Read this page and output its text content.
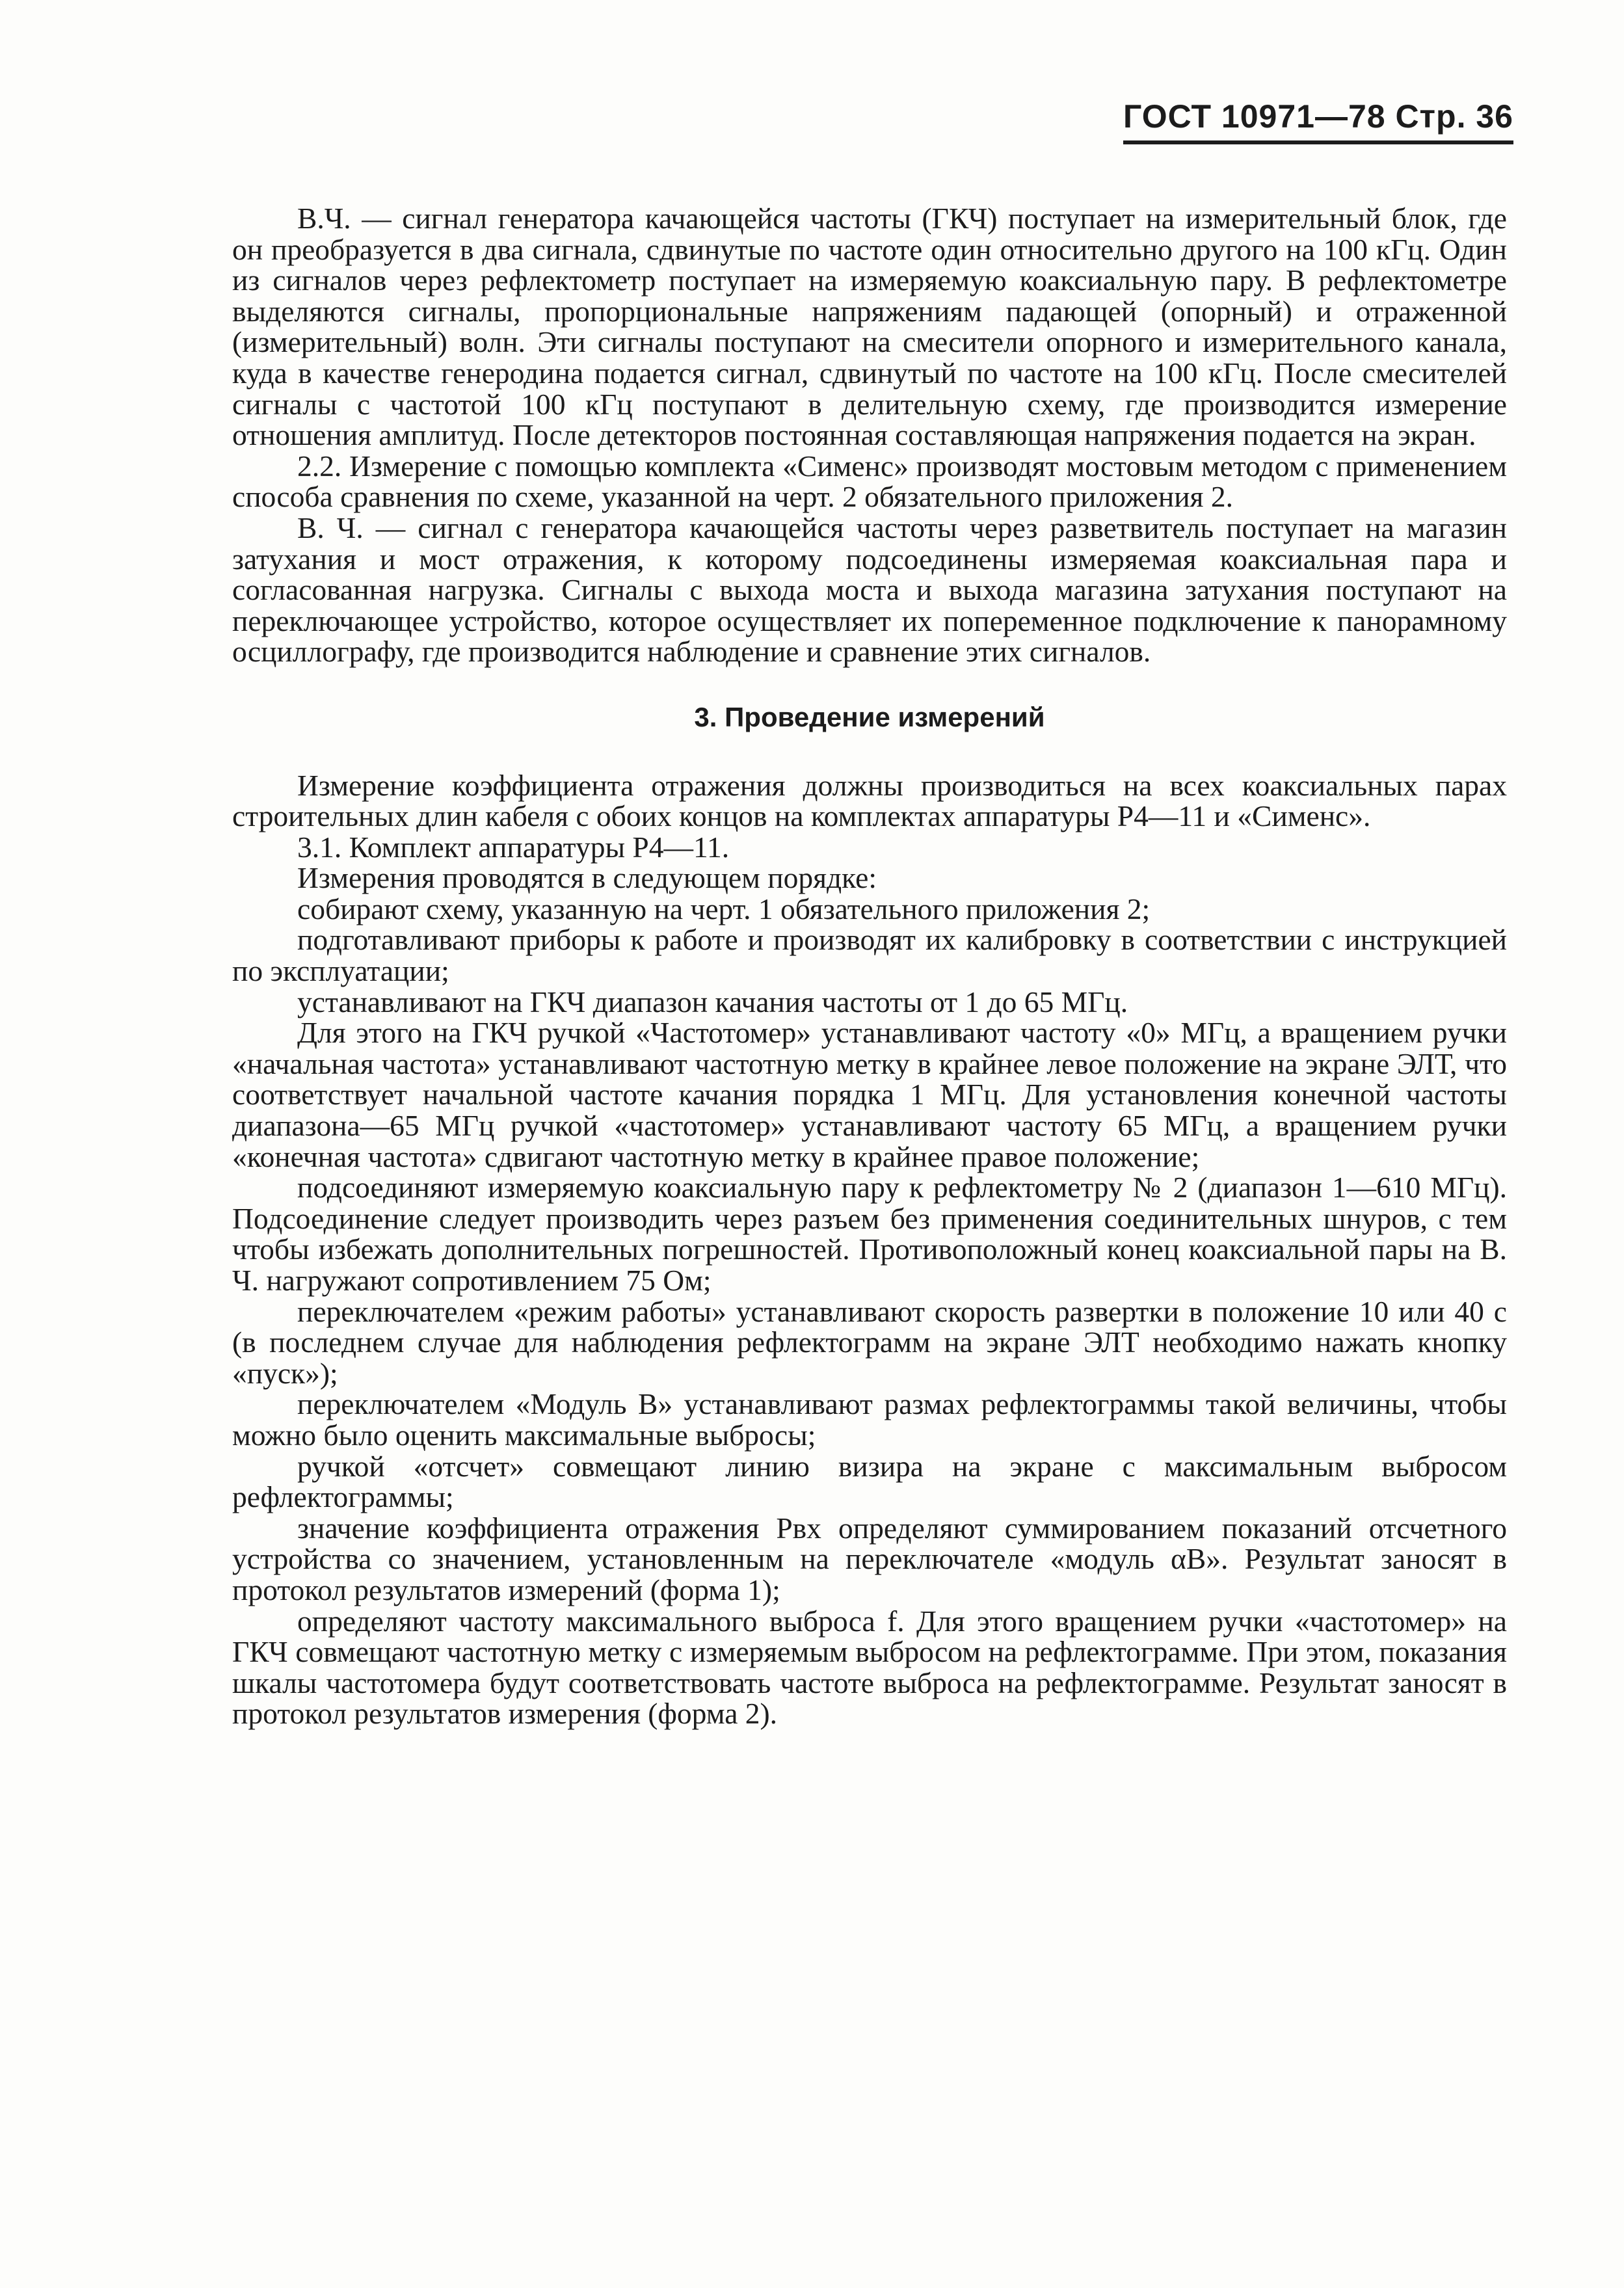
ГОСТ 10971—78 Стр. 36

В.Ч. — сигнал генератора качающейся частоты (ГКЧ) поступает на измерительный блок, где он преобразуется в два сигнала, сдвинутые по частоте один относительно другого на 100 кГц. Один из сигналов через рефлектометр поступает на измеряемую коаксиальную пару. В рефлектометре выделяются сигналы, пропорциональные напряжениям падающей (опорный) и отраженной (измерительный) волн. Эти сигналы поступают на смесители опорного и измерительного канала, куда в качестве генеродина подается сигнал, сдвинутый по частоте на 100 кГц. После смесителей сигналы с частотой 100 кГц поступают в делительную схему, где производится измерение отношения амплитуд. После детекторов постоянная составляющая напряжения подается на экран.

2.2. Измерение с помощью комплекта «Сименс» производят мостовым методом с применением способа сравнения по схеме, указанной на черт. 2 обязательного приложения 2.

В. Ч. — сигнал с генератора качающейся частоты через разветвитель поступает на магазин затухания и мост отражения, к которому подсоединены измеряемая коаксиальная пара и согласованная нагрузка. Сигналы с выхода моста и выхода магазина затухания поступают на переключающее устройство, которое осуществляет их попеременное подключение к панорамному осциллографу, где производится наблюдение и сравнение этих сигналов.

3. Проведение измерений

Измерение коэффициента отражения должны производиться на всех коаксиальных парах строительных длин кабеля с обоих концов на комплектах аппаратуры Р4—11 и «Сименс».

3.1. Комплект аппаратуры Р4—11.

Измерения проводятся в следующем порядке:

собирают схему, указанную на черт. 1 обязательного приложения 2;

подготавливают приборы к работе и производят их калибровку в соответствии с инструкцией по эксплуатации;

устанавливают на ГКЧ диапазон качания частоты от 1 до 65 МГц.

Для этого на ГКЧ ручкой «Частотомер» устанавливают частоту «0» МГц, а вращением ручки «начальная частота» устанавливают частотную метку в крайнее левое положение на экране ЭЛТ, что соответствует начальной частоте качания порядка 1 МГц. Для установления конечной частоты диапазона—65 МГц ручкой «частотомер» устанавливают частоту 65 МГц, а вращением ручки «конечная частота» сдвигают частотную метку в крайнее правое положение;

подсоединяют измеряемую коаксиальную пару к рефлектометру № 2 (диапазон 1—610 МГц). Подсоединение следует производить через разъем без применения соединительных шнуров, с тем чтобы избежать дополнительных погрешностей. Противоположный конец коаксиальной пары на В. Ч. нагружают сопротивлением 75 Ом;

переключателем «режим работы» устанавливают скорость развертки в положение 10 или 40 с (в последнем случае для наблюдения рефлектограмм на экране ЭЛТ необходимо нажать кнопку «пуск»);

переключателем «Модуль В» устанавливают размах рефлектограммы такой величины, чтобы можно было оценить максимальные выбросы;

ручкой «отсчет» совмещают линию визира на экране с максимальным выбросом рефлектограммы;

значение коэффициента отражения Рвх определяют суммированием показаний отсчетного устройства со значением, установленным на переключателе «модуль αB». Результат заносят в протокол результатов измерений (форма 1);

определяют частоту максимального выброса f. Для этого вращением ручки «частотомер» на ГКЧ совмещают частотную метку с измеряемым выбросом на рефлектограмме. При этом, показания шкалы частотомера будут соответствовать частоте выброса на рефлектограмме. Результат заносят в протокол результатов измерения (форма 2).
